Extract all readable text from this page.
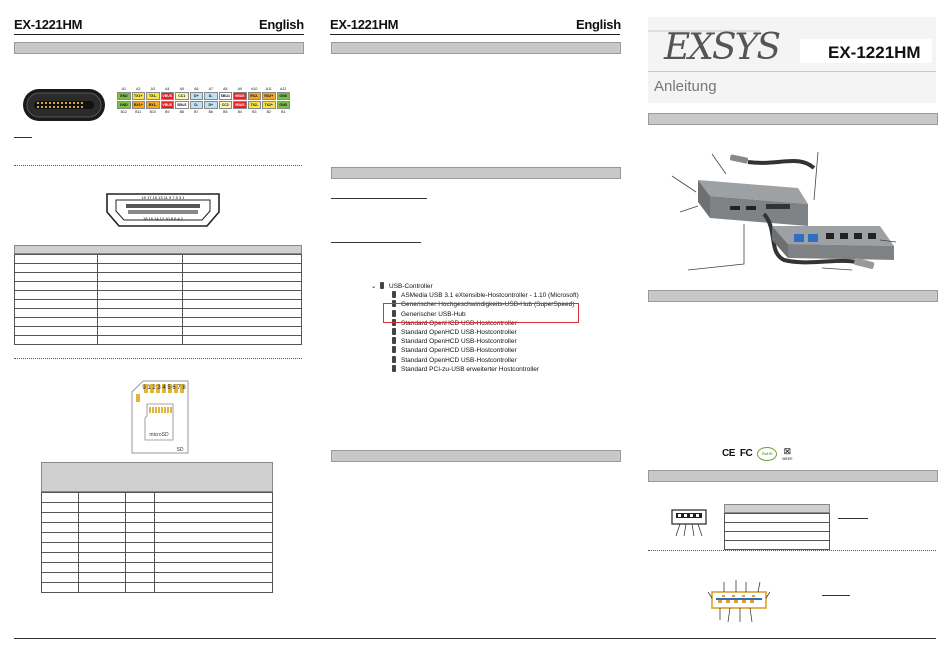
EX-1221HM	English
A1	A2	A3	A4	A5	A6	A7	A8	A9	A10	A11	A12
GND	TX1+	TX1-	VBUS	CC1	D+	D-	SBU1	VBUS	RX2-	RX2+	GND
GND	RX1+	RX1-	VBUS	SBU2	D-	D+	CC2	VBUS	TX2-	TX2+	GND
B12	B11	B10	B9	B8	B7	B6	B5	B4	B3	B2	B1
19 17 15 13 11 9 7 5 3 1
18 16 14 12 10 8 6 4 2

9 1 2 3 4 5 6 7 8
microSD
SD

EX-1221HM	English
⌄ USB-Controller
ASMedia USB 3.1 eXtensible-Hostcontroller - 1.10 (Microsoft)
Generischer Hochgeschwindigkeits-USB-Hub (SuperSpeed)
Generischer USB-Hub
Standard OpenHCD USB-Hostcontroller
Standard OpenHCD USB-Hostcontroller
Standard OpenHCD USB-Hostcontroller
Standard OpenHCD USB-Hostcontroller
Standard OpenHCD USB-Hostcontroller
Standard PCI-zu-USB erweiterter Hostcontroller
EXSYS	EX-1221HM
Anleitung
CE FC	RoHS	⊠
WEEE
